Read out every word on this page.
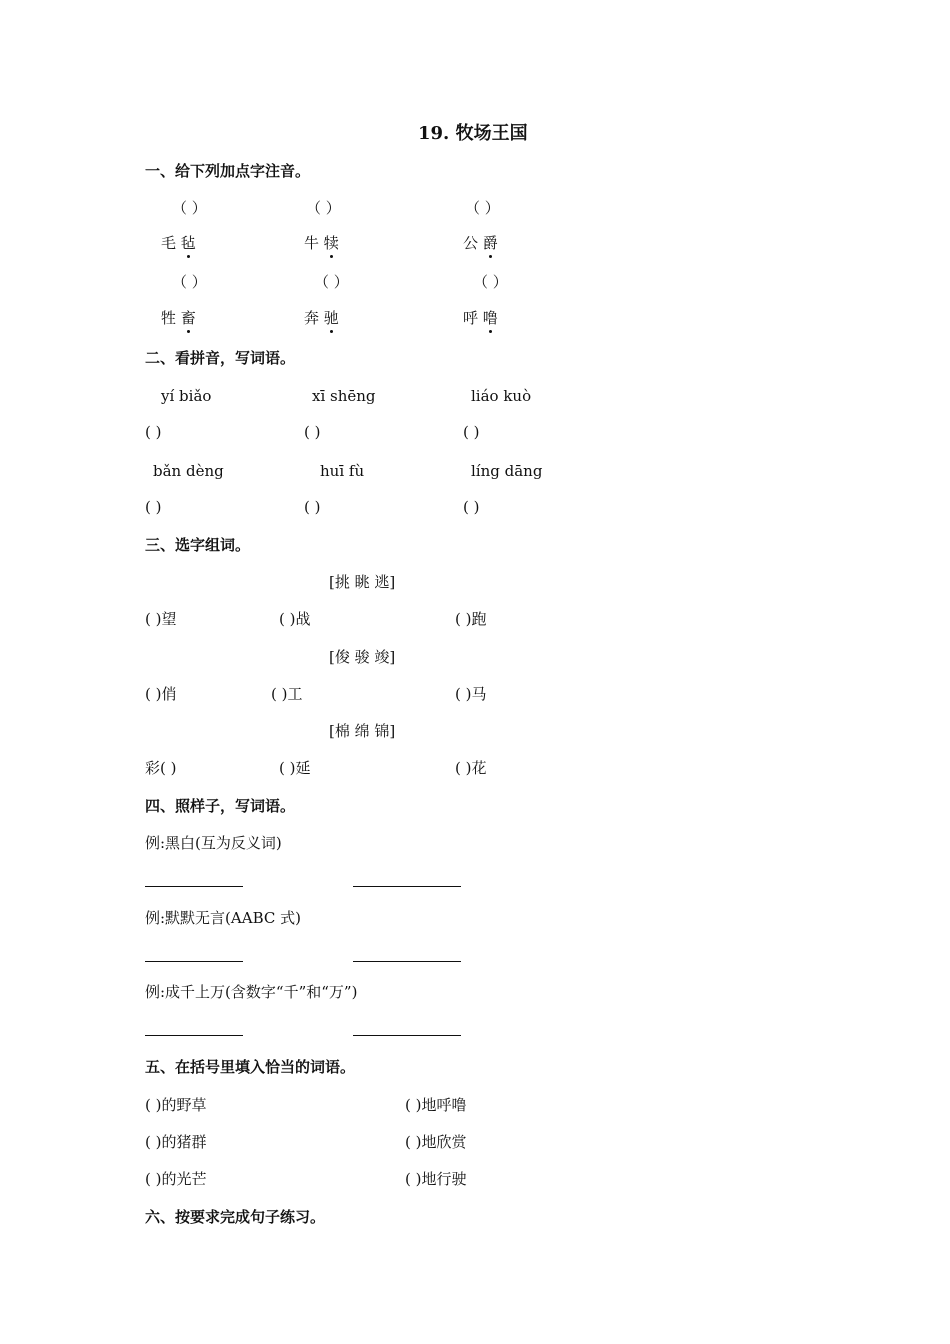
19. 牧场王国
一、给下列加点字注音。
（ ）	（ ）	（ ）
毛 毡	牛 犊	公 爵
（ ）	（ ）	（ ）
牲 畜	奔 驰	呼 噜
二、看拼音，写词语。
yí biǎo	xī shēng	liáo kuò
( )	( )	( )
bǎn dèng	huī fù	líng dāng
( )	( )	( )
三、选字组词。
[挑 眺 逃]
( )望	( )战	( )跑
[俊 骏 竣]
( )俏	( )工	( )马
[棉 绵 锦]
彩( )	( )延	( )花
四、照样子，写词语。
例:黑白(互为反义词)
例:默默无言(AABC 式)
例:成千上万(含数字“千”和“万”)
五、在括号里填入恰当的词语。
( )的野草	( )地呼噜
( )的猪群	( )地欣赏
( )的光芒	( )地行驶
六、按要求完成句子练习。
